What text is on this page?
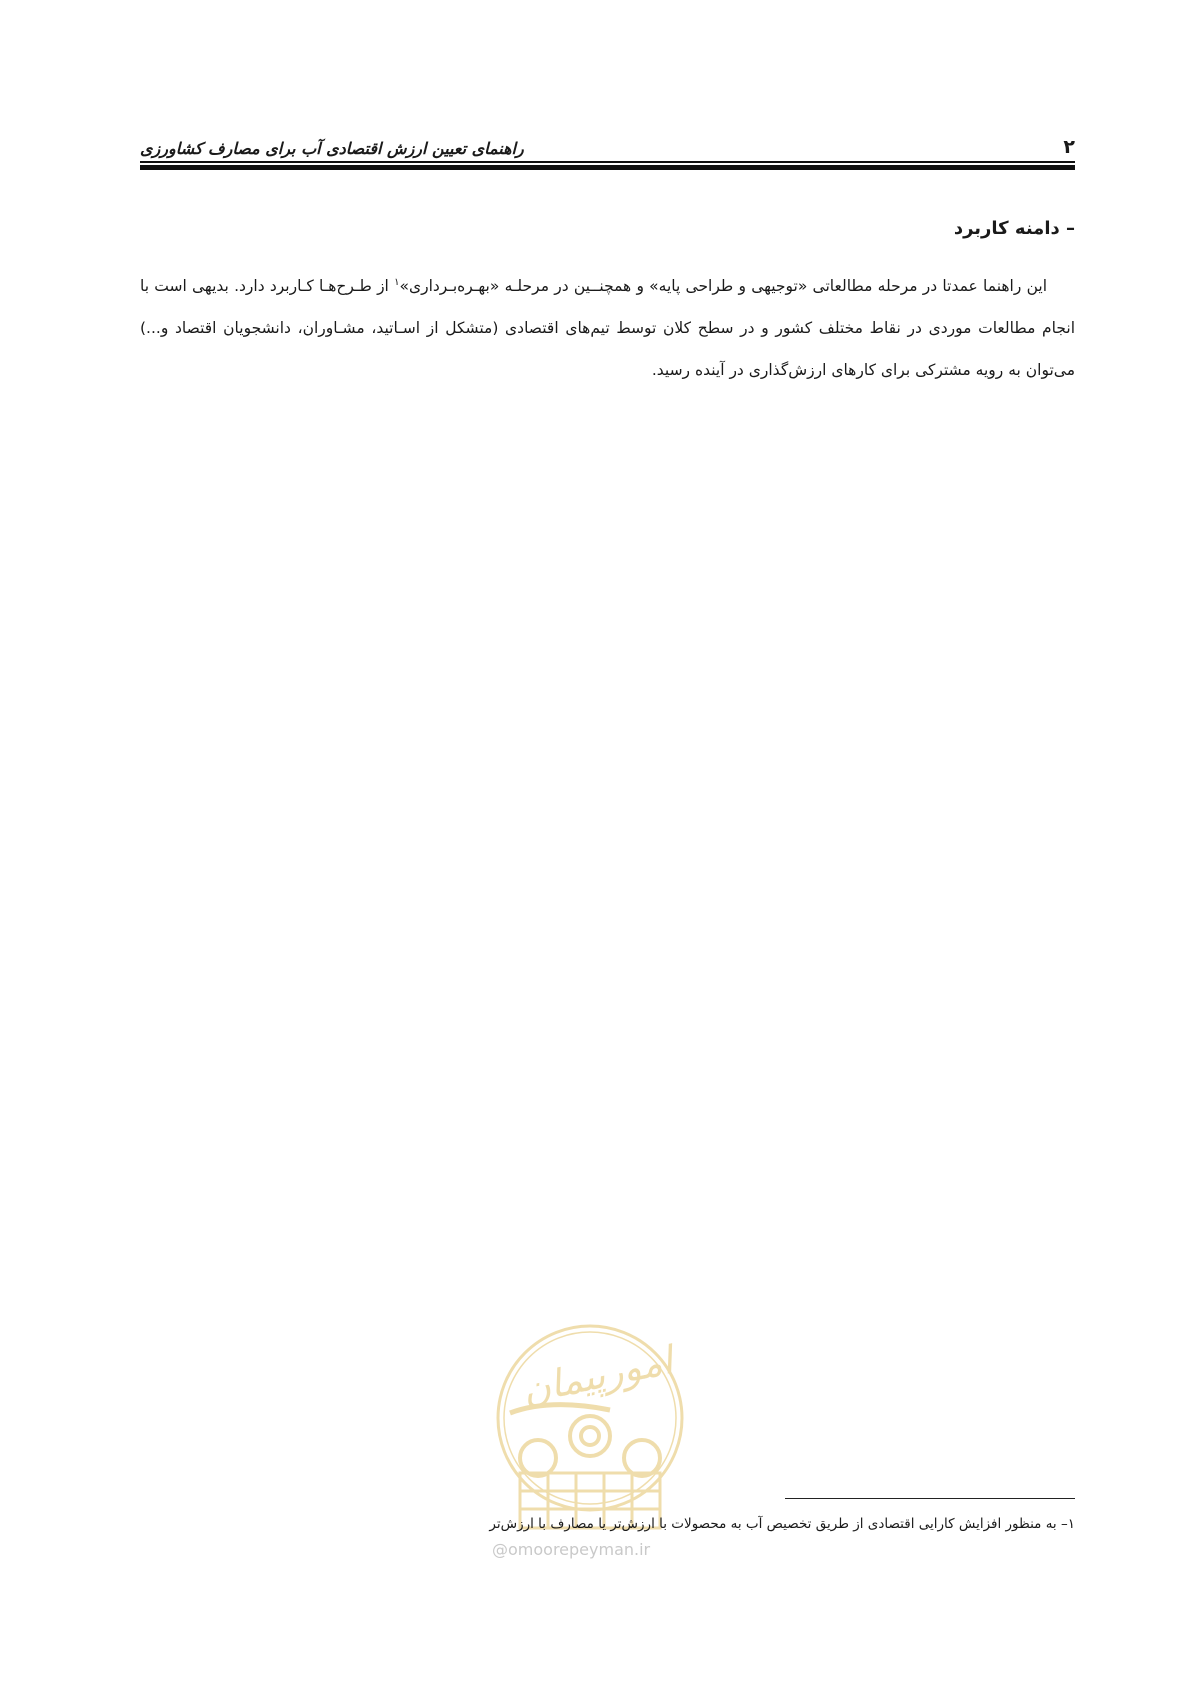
۲
راهنمای تعیین ارزش اقتصادی آب برای مصارف کشاورزی
– دامنه کاربرد

این راهنما عمدتا در مرحله مطالعاتی «توجیهی و طراحی پایه» و همچنــین در مرحلـه «بهـره‌بـرداری»$^۱$ از طـرح‌هـا کـاربرد دارد. بدیهی است با انجام مطالعات موردی در نقاط مختلف کشور و در سطح کلان توسط تیم‌های اقتصادی (متشکل از اسـاتید، مشـاوران، دانشجویان اقتصاد و...) می‌توان به رویه مشترکی برای کارهای ارزش‌گذاری در آینده رسید.

امورپیمان
۱– به منظور افزایش کارایی اقتصادی از طریق تخصیص آب به محصولات با ارزش‌تر یا مصارف با ارزش‌تر
@omoorepeyman.ir
